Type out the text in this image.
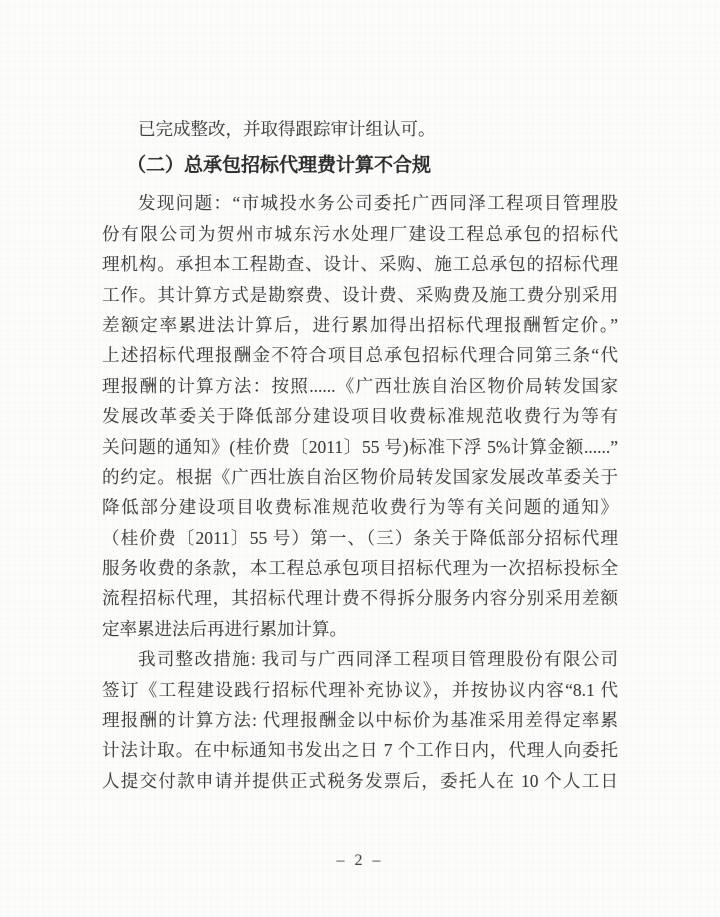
已完成整改，并取得跟踪审计组认可。
（二）总承包招标代理费计算不合规
发现问题：“市城投水务公司委托广西同泽工程项目管理股
份有限公司为贺州市城东污水处理厂建设工程总承包的招标代
理机构。承担本工程勘查、设计、采购、施工总承包的招标代理
工作。其计算方式是勘察费、设计费、采购费及施工费分别采用
差额定率累进法计算后，进行累加得出招标代理报酬暂定价。”
上述招标代理报酬金不符合项目总承包招标代理合同第三条“代
理报酬的计算方法：按照......《广西壮族自治区物价局转发国家
发展改革委关于降低部分建设项目收费标准规范收费行为等有
关问题的通知》(桂价费〔2011〕55 号)标准下浮 5%计算金额......”
的约定。根据《广西壮族自治区物价局转发国家发展改革委关于
降低部分建设项目收费标准规范收费行为等有关问题的通知》
（桂价费〔2011〕55 号）第一、（三）条关于降低部分招标代理
服务收费的条款，本工程总承包项目招标代理为一次招标投标全
流程招标代理，其招标代理计费不得拆分服务内容分别采用差额
定率累进法后再进行累加计算。
我司整改措施: 我司与广西同泽工程项目管理股份有限公司
签订《工程建设践行招标代理补充协议》，并按协议内容“8.1 代
理报酬的计算方法: 代理报酬金以中标价为基准采用差得定率累
计法计取。在中标通知书发出之日 7 个工作日内，代理人向委托
人提交付款申请并提供正式税务发票后，委托人在 10 个人工日
– 2 –
